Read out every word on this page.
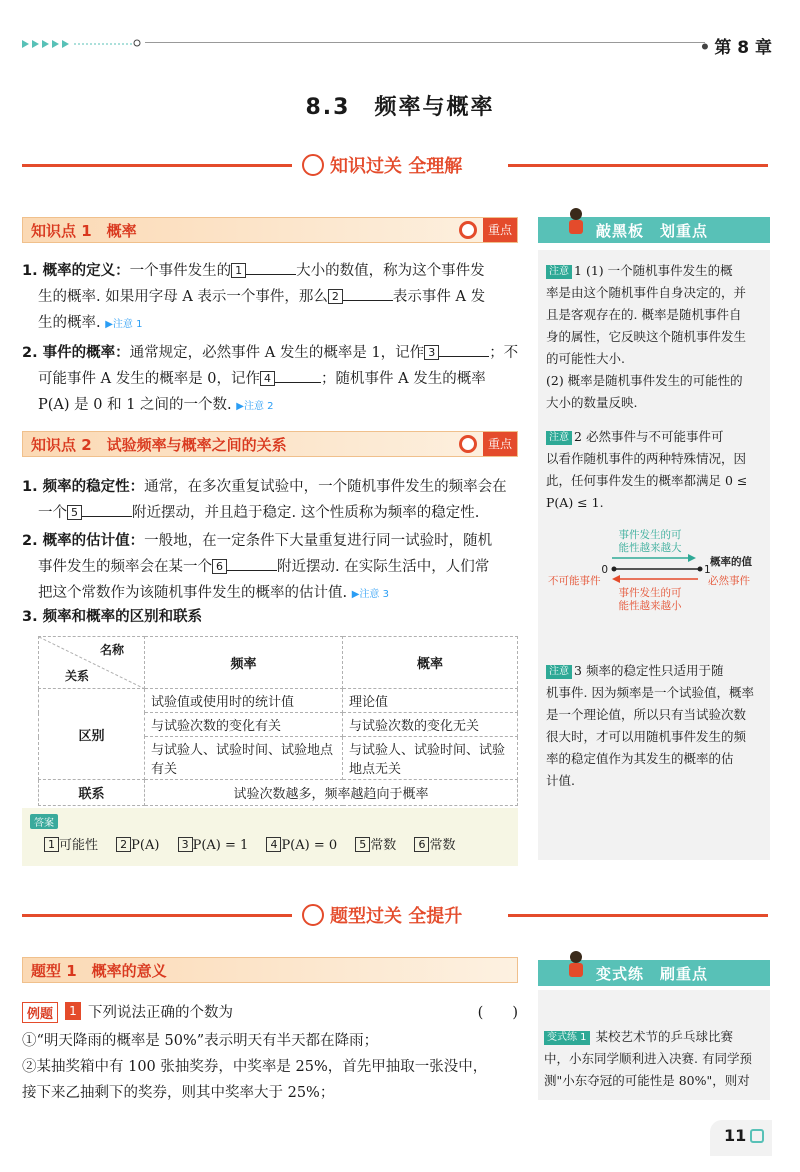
• 第 8 章
8.3　频率与概率
知识过关 全理解
知识点 1　概率	重点
1. 概率的定义：一个事件发生的 1	大小的数值，称为这个事件发
生的概率. 如果用字母 A 表示一个事件，那么 2	表示事件 A 发
生的概率. ▶注意 1
2. 事件的概率：通常规定，必然事件 A 发生的概率是 1，记作 3	；不
可能事件 A 发生的概率是 0，记作 4	；随机事件 A 发生的概率
P(A) 是 0 和 1 之间的一个数. ▶注意 2
知识点 2　试验频率与概率之间的关系	重点
1. 频率的稳定性：通常，在多次重复试验中，一个随机事件发生的频率会在
一个 5	附近摆动，并且趋于稳定. 这个性质称为频率的稳定性.
2. 概率的估计值：一般地，在一定条件下大量重复进行同一试验时，随机
事件发生的频率会在某一个 6	附近摆动. 在实际生活中，人们常
把这个常数作为该随机事件发生的概率的估计值. ▶注意 3
3. 频率和概率的区别和联系
名称
关系	频率	概率
区别	试验值或使用时的统计值	理论值
	与试验次数的变化有关	与试验次数的变化无关
	与试验人、试验时间、试验地点有关	与试验人、试验时间、试验地点无关
联系	试验次数越多，频率越趋向于概率	
答案
1 可能性 2 P(A) 3 P(A) = 1 4 P(A) = 0 5 常数 6 常数
敲黑板　划重点
注意 1 (1) 一个随机事件发生的概
率是由这个随机事件自身决定的，并
且是客观存在的. 概率是随机事件自
身的属性，它反映这个随机事件发生
的可能性大小.
(2) 概率是随机事件发生的可能性的
大小的数量反映.
注意 2 必然事件与不可能事件可
以看作随机事件的两种特殊情况，因
此，任何事件发生的概率都满足 0 ≤
P(A) ≤ 1.
注意 3 频率的稳定性只适用于随
机事件. 因为频率是一个试验值，概率
是一个理论值，所以只有当试验次数
很大时，才可以用随机事件发生的频
率的稳定值作为其发生的概率的估
计值.
事件发生的可
能性越来越大
0	1
概率的值
不可能事件	必然事件
事件发生的可
能性越来越小
题型过关 全提升
题型 1　概率的意义	变式练　刷重点
变式练 1 某校艺术节的乒乓球比赛
中，小东同学顺利进入决赛. 有同学预
测"小东夺冠的可能性是 80%"，则对
例题	1 下列说法正确的个数为	(　　)
①“明天降雨的概率是 50%”表示明天有半天都在降雨；
②某抽奖箱中有 100 张抽奖券，中奖率是 25%，首先甲抽取一张没中，
接下来乙抽剩下的奖券，则其中奖率大于 25%；
11
